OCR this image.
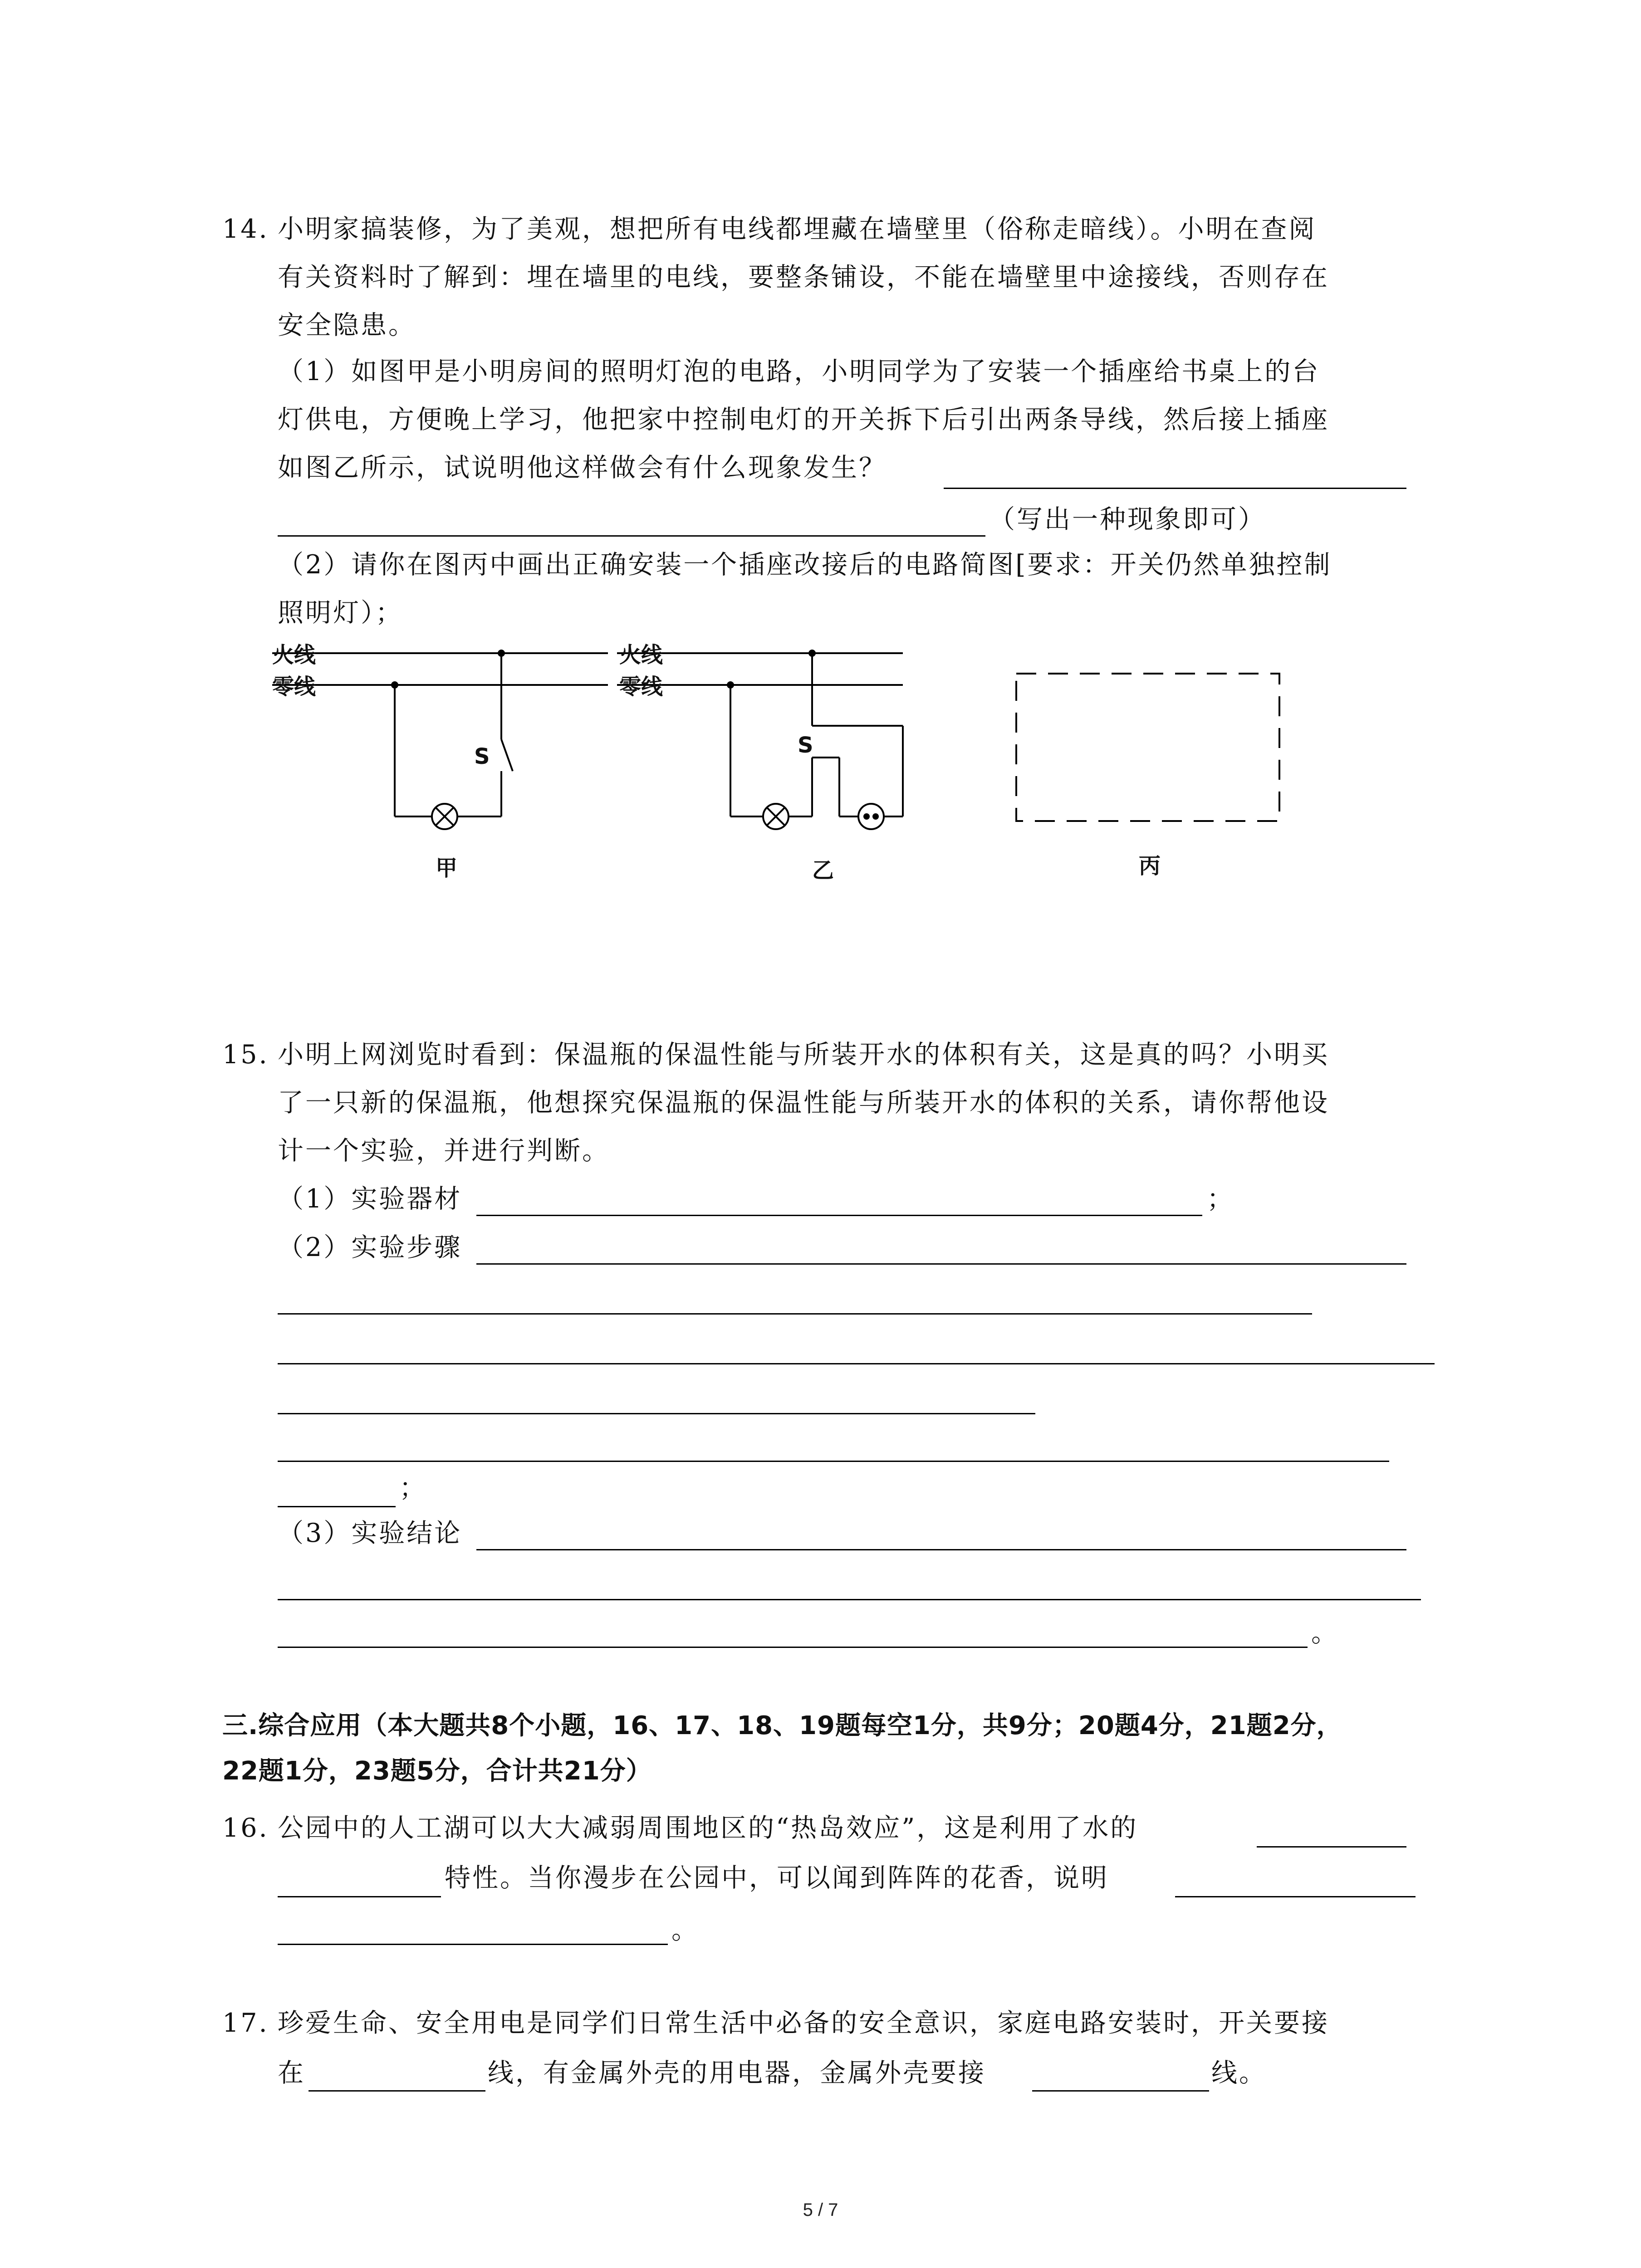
14. 小明家搞装修，为了美观，想把所有电线都埋藏在墙壁里（俗称走暗线）。小明在查阅
有关资料时了解到：埋在墙里的电线，要整条铺设，不能在墙壁里中途接线，否则存在
安全隐患。
（1）如图甲是小明房间的照明灯泡的电路，小明同学为了安装一个插座给书桌上的台
灯供电，方便晚上学习，他把家中控制电灯的开关拆下后引出两条导线，然后接上插座
如图乙所示，试说明他这样做会有什么现象发生？
（写出一种现象即可）
（2）请你在图丙中画出正确安装一个插座改接后的电路简图[要求：开关仍然单独控制
照明灯）；
火线
零线
S
甲
火线
零线
S
乙	丙
15. 小明上网浏览时看到：保温瓶的保温性能与所装开水的体积有关，这是真的吗？小明买
了一只新的保温瓶，他想探究保温瓶的保温性能与所装开水的体积的关系，请你帮他设
计一个实验，并进行判断。
（1）实验器材	；
（2）实验步骤
；
（3）实验结论
。
三.综合应用（本大题共8个小题，16、17、18、19题每空1分，共9分；20题4分，21题2分，
22题1分，23题5分，合计共21分）
16. 公园中的人工湖可以大大减弱周围地区的“热岛效应”，这是利用了水的
特性。当你漫步在公园中，可以闻到阵阵的花香，说明
。
17. 珍爱生命、安全用电是同学们日常生活中必备的安全意识，家庭电路安装时，开关要接
在	线，有金属外壳的用电器，金属外壳要接	线。
5 / 7
